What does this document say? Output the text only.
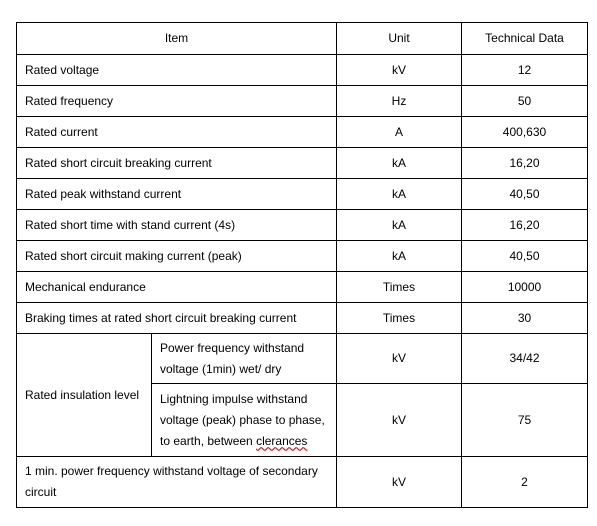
Item		Unit	Technical Data
Rated voltage		kV	12
Rated frequency		Hz	50
Rated current		A	400,630
Rated short circuit breaking current		kA	16,20
Rated peak withstand current		kA	40,50
Rated short time with stand current (4s)		kA	16,20
Rated short circuit making current (peak)		kA	40,50
Mechanical endurance		Times	10000
Braking times at rated short circuit breaking current		Times	30
Rated insulation level	Power frequency withstand voltage (1min) wet/ dry	kV	34/42
	Lightning impulse withstand voltage (peak) phase to phase, to earth, between clerances	kV	75
1 min. power frequency withstand voltage of secondary circuit		kV	2
